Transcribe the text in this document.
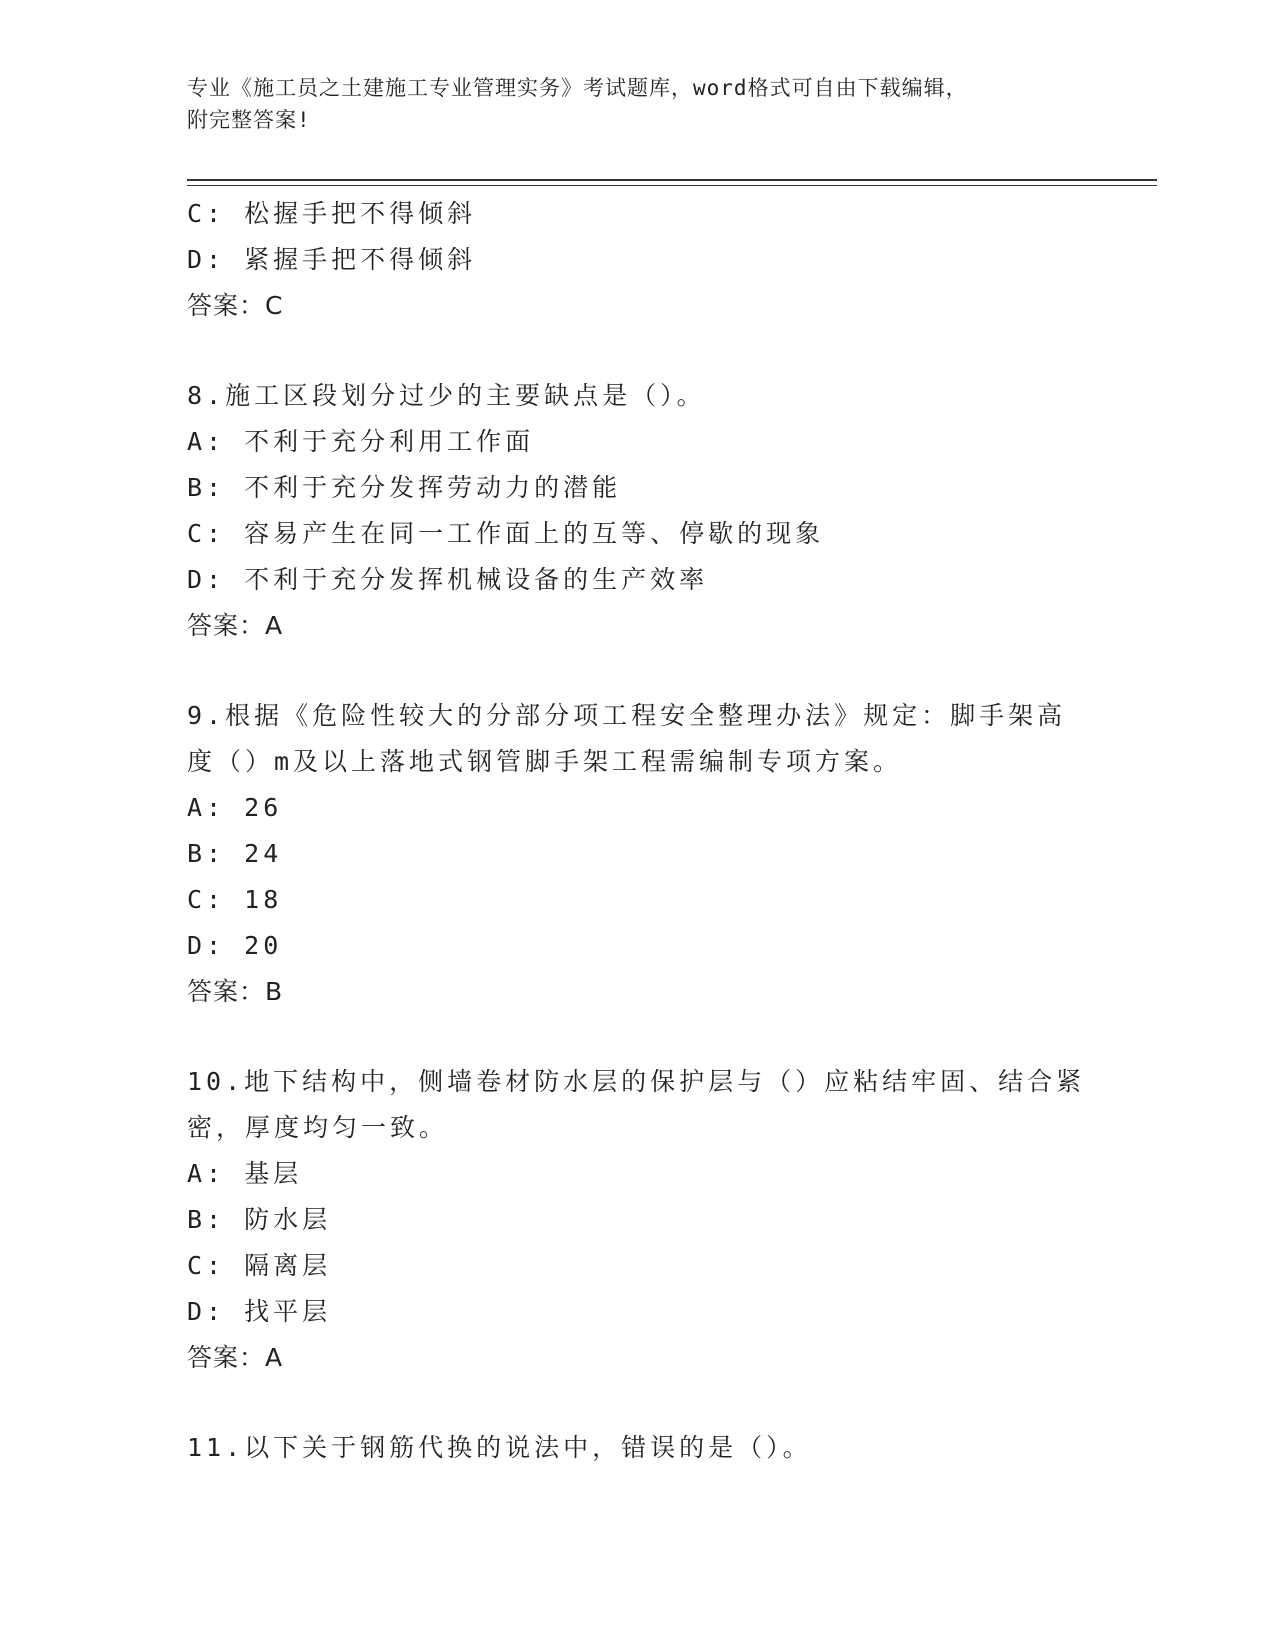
专业《施工员之土建施工专业管理实务》考试题库，word格式可自由下载编辑，
附完整答案!
C: 松握手把不得倾斜
D: 紧握手把不得倾斜
答案：C
8.施工区段划分过少的主要缺点是（）。
A: 不利于充分利用工作面
B: 不利于充分发挥劳动力的潜能
C: 容易产生在同一工作面上的互等、停歇的现象
D: 不利于充分发挥机械设备的生产效率
答案：A
9.根据《危险性较大的分部分项工程安全整理办法》规定：脚手架高
度（）m及以上落地式钢管脚手架工程需编制专项方案。
A: 26
B: 24
C: 18
D: 20
答案：B
10.地下结构中，侧墙卷材防水层的保护层与（）应粘结牢固、结合紧
密，厚度均匀一致。
A: 基层
B: 防水层
C: 隔离层
D: 找平层
答案：A
11.以下关于钢筋代换的说法中，错误的是（）。
